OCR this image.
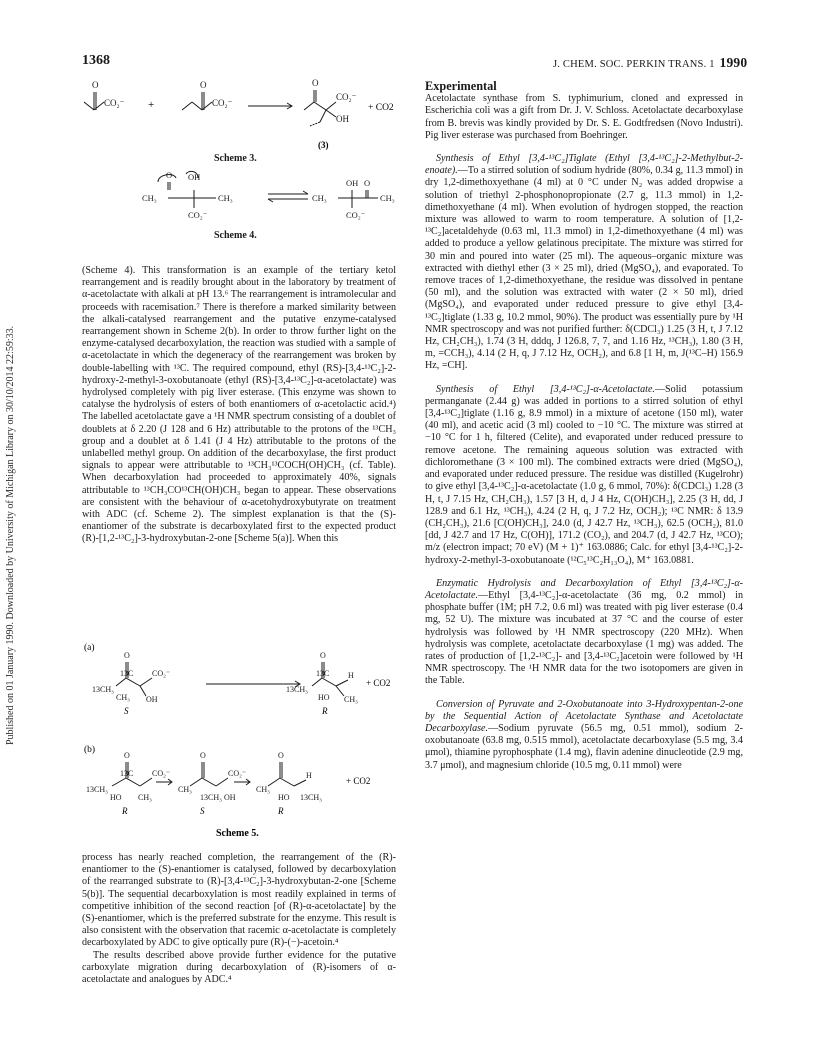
Published on 01 January 1990. Downloaded by University of Michigan Library on 30/10/2014 22:59:33.
1368	J. CHEM. SOC. PERKIN TRANS. 1 1990
O
CO₂⁻
O
CO₂⁻
O
CO₂⁻
OH
+	+ CO2
(3)
Scheme 3.
CH₃
O OH
CH₃
CO₂⁻
CH₃
OH O
CH₃
CO₂⁻
Scheme 4.

(Scheme 4). This transformation is an example of the tertiary ketol rearrangement and is readily brought about in the laboratory by treatment of α-acetolactate with alkali at pH 13.⁶ The rearrangement is intramolecular and proceeds with racemisation.⁷ There is therefore a marked similarity between the alkali-catalysed rearrangement and the putative enzyme-catalysed rearrangement shown in Scheme 2(b). In order to throw further light on the enzyme-catalysed decarboxylation, the reaction was studied with a sample of α-acetolactate in which the degeneracy of the rearrangement was broken by double-labelling with ¹³C. The required compound, ethyl (RS)-[3,4-¹³C₂]-2-hydroxy-2-methyl-3-oxobutanoate (ethyl (RS)-[3,4-¹³C₂]-α-acetolactate) was hydrolysed completely with pig liver esterase. (This enzyme was shown to catalyse the hydrolysis of esters of both enantiomers of α-acetolactic acid.⁴) The labelled acetolactate gave a ¹H NMR spectrum consisting of a doublet of doublets at δ 2.20 (J 128 and 6 Hz) attributable to the protons of the ¹³CH₃ group and a doublet at δ 1.41 (J 4 Hz) attributable to the protons of the unlabelled methyl group. On addition of the decarboxylase, the first product signals to appear were attributable to ¹³CH₃¹³COCH(OH)CH₃ (cf. Table). When decarboxylation had proceeded to approximately 40%, signals attributable to ¹³CH₃CO¹³CH(OH)CH₃ began to appear. These observations are consistent with the behaviour of α-acetohydroxybutyrate on treatment with ADC (cf. Scheme 2). The simplest explanation is that the (S)-enantiomer of the substrate is decarboxylated first to the expected product (R)-[1,2-¹³C₂]-3-hydroxybutan-2-one [Scheme 5(a)]. When this

(a)
(b)
O
13C CO₂⁻
13CH₃
CH₃ OH
O
13C H
13CH₃
HO CH₃
O
13C CO₂⁻
13CH₃
HO CH₃
O
CH₃
CO₂⁻
13CH₃ OH
O
CH₃
H
HO 13CH₃
S	R
R	S	R
+ CO2
+ CO2
Scheme 5.

process has nearly reached completion, the rearrangement of the (R)-enantiomer to the (S)-enantiomer is catalysed, followed by decarboxylation of the rearranged substrate to (R)-[3,4-¹³C₂]-3-hydroxybutan-2-one [Scheme 5(b)]. The sequential decarboxylation is most readily explained in terms of competitive inhibition of the second reaction [of (R)-α-acetolactate] by the (S)-enantiomer, which is the preferred substrate for the enzyme. This result is also consistent with the observation that racemic α-acetolactate is completely decarboxylated by ADC to give optically pure (R)-(−)-acetoin.⁴

The results described above provide further evidence for the putative carboxylate migration during decarboxylation of (R)-isomers of α-acetolactate and analogues by ADC.⁴

Experimental

Acetolactate synthase from S. typhimurium, cloned and expressed in Escherichia coli was a gift from Dr. J. V. Schloss. Acetolactate decarboxylase from B. brevis was kindly provided by Dr. S. E. Godtfredsen (Novo Industri). Pig liver esterase was purchased from Boehringer.

Synthesis of Ethyl [3,4-¹³C₂]Tiglate (Ethyl [3,4-¹³C₂]-2-Methylbut-2-enoate).—To a stirred solution of sodium hydride (80%, 0.34 g, 11.3 mmol) in dry 1,2-dimethoxyethane (4 ml) at 0 °C under N₂ was added dropwise a solution of triethyl 2-phosphonopropionate (2.7 g, 11.3 mmol) in 1,2-dimethoxyethane (4 ml). When evolution of hydrogen stopped, the reaction mixture was allowed to warm to room temperature. A solution of [1,2-¹³C₂]acetaldehyde (0.63 ml, 11.3 mmol) in 1,2-dimethoxyethane (4 ml) was added to produce a yellow gelatinous precipitate. The mixture was stirred for 30 min and poured into water (25 ml). The aqueous–organic mixture was extracted with diethyl ether (3 × 25 ml), dried (MgSO₄), and evaporated. To remove traces of 1,2-dimethoxyethane, the residue was dissolved in pentane (50 ml), and the solution was extracted with water (2 × 50 ml), dried (MgSO₄), and evaporated under reduced pressure to give ethyl [3,4-¹³C₂]tiglate (1.33 g, 10.2 mmol, 90%). The product was essentially pure by ¹H NMR spectroscopy and was not purified further: δ(CDCl₃) 1.25 (3 H, t, J 7.12 Hz, CH₂CH₃), 1.74 (3 H, dddq, J 126.8, 7, 7, and 1.16 Hz, ¹³CH₃), 1.80 (3 H, m, =CCH₃), 4.14 (2 H, q, J 7.12 Hz, OCH₂), and 6.8 [1 H, m, J(¹³C–H) 156.9 Hz, =CH].

Synthesis of Ethyl [3,4-¹³C₂]-α-Acetolactate.—Solid potassium permanganate (2.44 g) was added in portions to a stirred solution of ethyl [3,4-¹³C₂]tiglate (1.16 g, 8.9 mmol) in a mixture of acetone (150 ml), water (40 ml), and acetic acid (3 ml) cooled to −10 °C. The mixture was stirred at −10 °C for 1 h, filtered (Celite), and evaporated under reduced pressure to remove acetone. The remaining aqueous solution was extracted with dichloromethane (3 × 100 ml). The combined extracts were dried (MgSO₄), and evaporated under reduced pressure. The residue was distilled (Kugelrohr) to give ethyl [3,4-¹³C₂]-α-acetolactate (1.0 g, 6 mmol, 70%): δ(CDCl₃) 1.28 (3 H, t, J 7.15 Hz, CH₂CH₃), 1.57 [3 H, d, J 4 Hz, C(OH)CH₃], 2.25 (3 H, dd, J 128.9 and 6.1 Hz, ¹³CH₃), 4.24 (2 H, q, J 7.2 Hz, OCH₂); ¹³C NMR: δ 13.9 (CH₂CH₃), 21.6 [C(OH)CH₃], 24.0 (d, J 42.7 Hz, ¹³CH₃), 62.5 (OCH₂), 81.0 [dd, J 42.7 and 17 Hz, C(OH)], 171.2 (CO₂), and 204.7 (d, J 42.7 Hz, ¹³CO); m/z (electron impact; 70 eV) (M + 1)⁺ 163.0886; Calc. for ethyl [3,4-¹³C₂]-2-hydroxy-2-methyl-3-oxobutanoate (¹²C₅¹³C₂H₁₃O₄), M⁺ 163.0881.

Enzymatic Hydrolysis and Decarboxylation of Ethyl [3,4-¹³C₂]-α-Acetolactate.—Ethyl [3,4-¹³C₂]-α-acetolactate (36 mg, 0.2 mmol) in phosphate buffer (1M; pH 7.2, 0.6 ml) was treated with pig liver esterase (0.4 mg, 52 U). The mixture was incubated at 37 °C and the course of ester hydrolysis was followed by ¹H NMR spectroscopy (220 MHz). When hydrolysis was complete, acetolactate decarboxylase (1 mg) was added. The rates of production of [1,2-¹³C₂]- and [3,4-¹³C₂]acetoin were followed by ¹H NMR spectroscopy. The ¹H NMR data for the two isotopomers are given in the Table.

Conversion of Pyruvate and 2-Oxobutanoate into 3-Hydroxypentan-2-one by the Sequential Action of Acetolactate Synthase and Acetolactate Decarboxylase.—Sodium pyruvate (56.5 mg, 0.51 mmol), sodium 2-oxobutanoate (63.8 mg, 0.515 mmol), acetolactate decarboxylase (5.5 mg, 3.4 μmol), thiamine pyrophosphate (1.4 mg), flavin adenine dinucleotide (2.9 mg, 3.7 μmol), and magnesium chloride (10.5 mg, 0.11 mmol) were
